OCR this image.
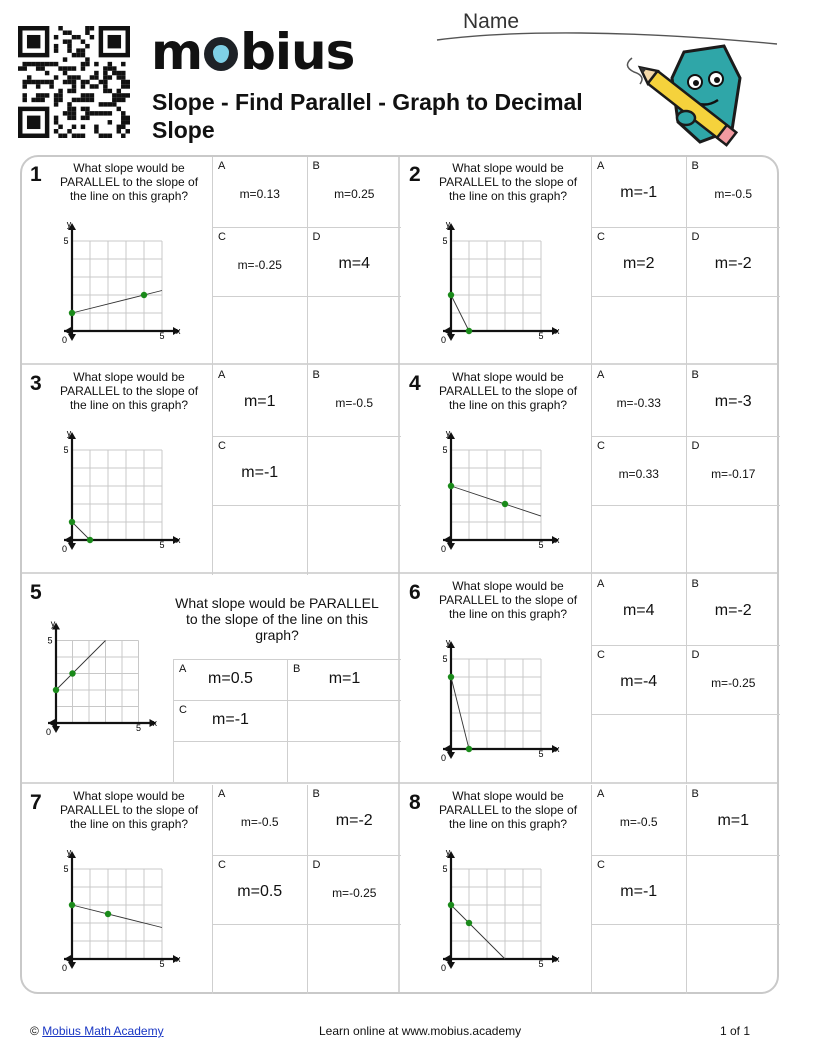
m bius
Slope - Find Parallel - Graph to Decimal Slope
Name
1	What slope would be PARALLEL to the slope of the line on this graph?
x
y
0	5
5
A
m=0.13
B
m=0.25
C
m=-0.25
D
m=4
2	What slope would be PARALLEL to the slope of the line on this graph?
x
y
0	5
5
A
m=-1
B
m=-0.5
C
m=2
D
m=-2
3	What slope would be PARALLEL to the slope of the line on this graph?
x
y
0	5
5
A
m=1
B
m=-0.5
C
m=-1
4	What slope would be PARALLEL to the slope of the line on this graph?
x
y
0	5
5
A
m=-0.33
B
m=-3
C
m=0.33
D
m=-0.17
5	What slope would be PARALLEL to the slope of the line on this graph?
x
y
0	5
5
A
m=0.5
B
m=1
C
m=-1
6	What slope would be PARALLEL to the slope of the line on this graph?
x
y
0	5
5
A
m=4
B
m=-2
C
m=-4
D
m=-0.25
7	What slope would be PARALLEL to the slope of the line on this graph?
x
y
0	5
5
A
m=-0.5
B
m=-2
C
m=0.5
D
m=-0.25
8	What slope would be PARALLEL to the slope of the line on this graph?
x
y
0	5
5
A
m=-0.5
B
m=1
C
m=-1
© Mobius Math Academy	Learn online at www.mobius.academy	1 of 1
